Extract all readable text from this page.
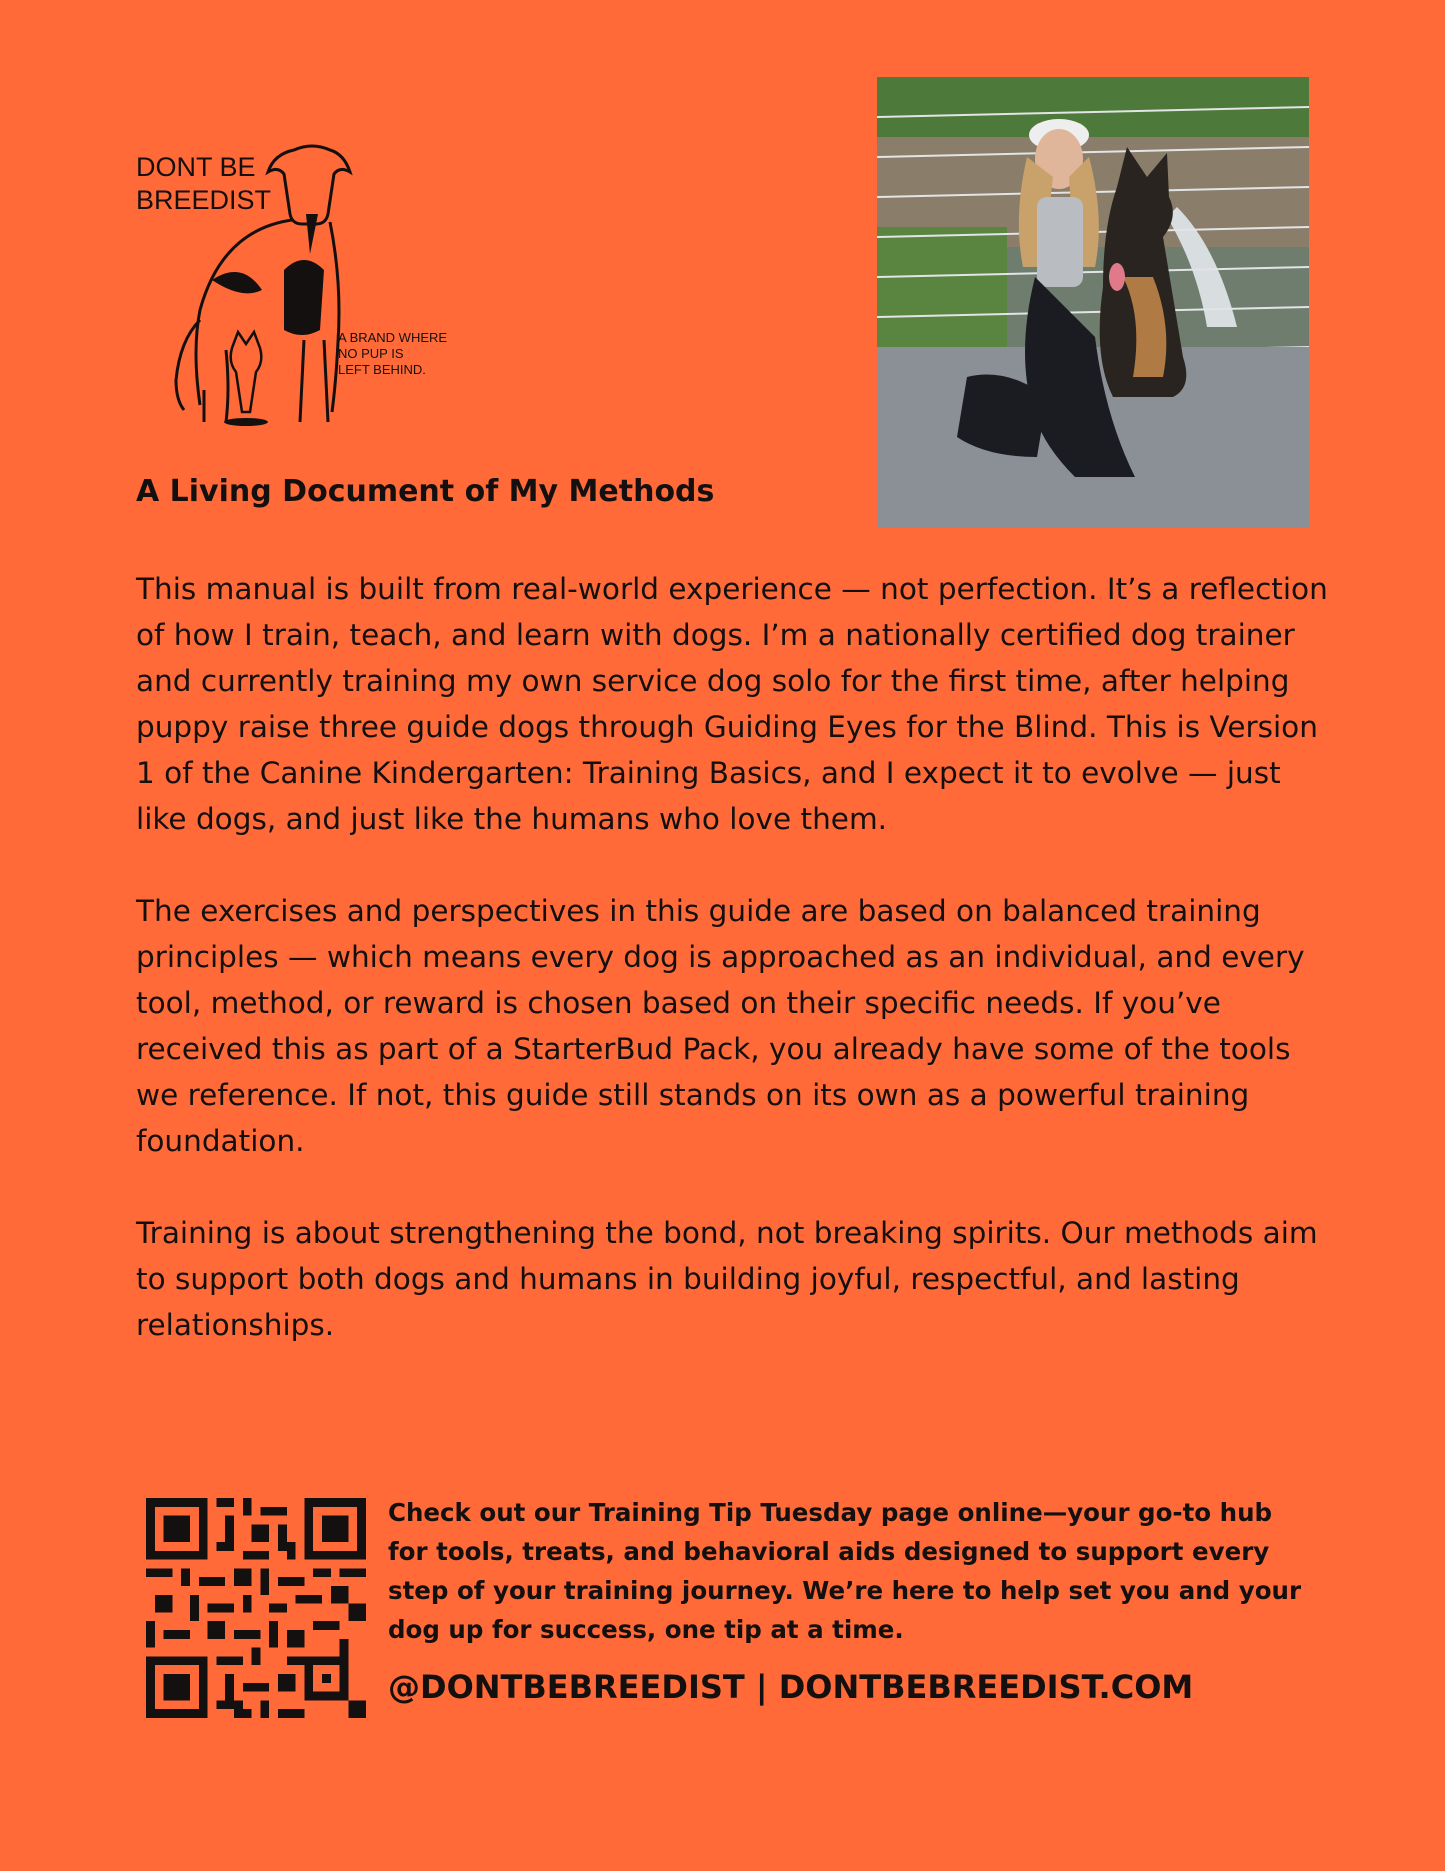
DONT BE
BREEDIST
A BRAND WHERE
NO PUP IS
LEFT BEHIND.
A Living Document of My Methods

This manual is built from real-world experience — not perfection. It’s a reflection of how I train, teach, and learn with dogs. I’m a nationally certified dog trainer and currently training my own service dog solo for the first time, after helping puppy raise three guide dogs through Guiding Eyes for the Blind. This is Version 1 of the Canine Kindergarten: Training Basics, and I expect it to evolve — just like dogs, and just like the humans who love them.

The exercises and perspectives in this guide are based on balanced training principles — which means every dog is approached as an individual, and every tool, method, or reward is chosen based on their specific needs. If you’ve received this as part of a StarterBud Pack, you already have some of the tools we reference. If not, this guide still stands on its own as a powerful training foundation.

Training is about strengthening the bond, not breaking spirits. Our methods aim to support both dogs and humans in building joyful, respectful, and lasting relationships.

Check out our Training Tip Tuesday page online—your go-to hub for tools, treats, and behavioral aids designed to support every step of your training journey. We’re here to help set you and your dog up for success, one tip at a time.

@DONTBEBREEDIST | DONTBEBREEDIST.COM
